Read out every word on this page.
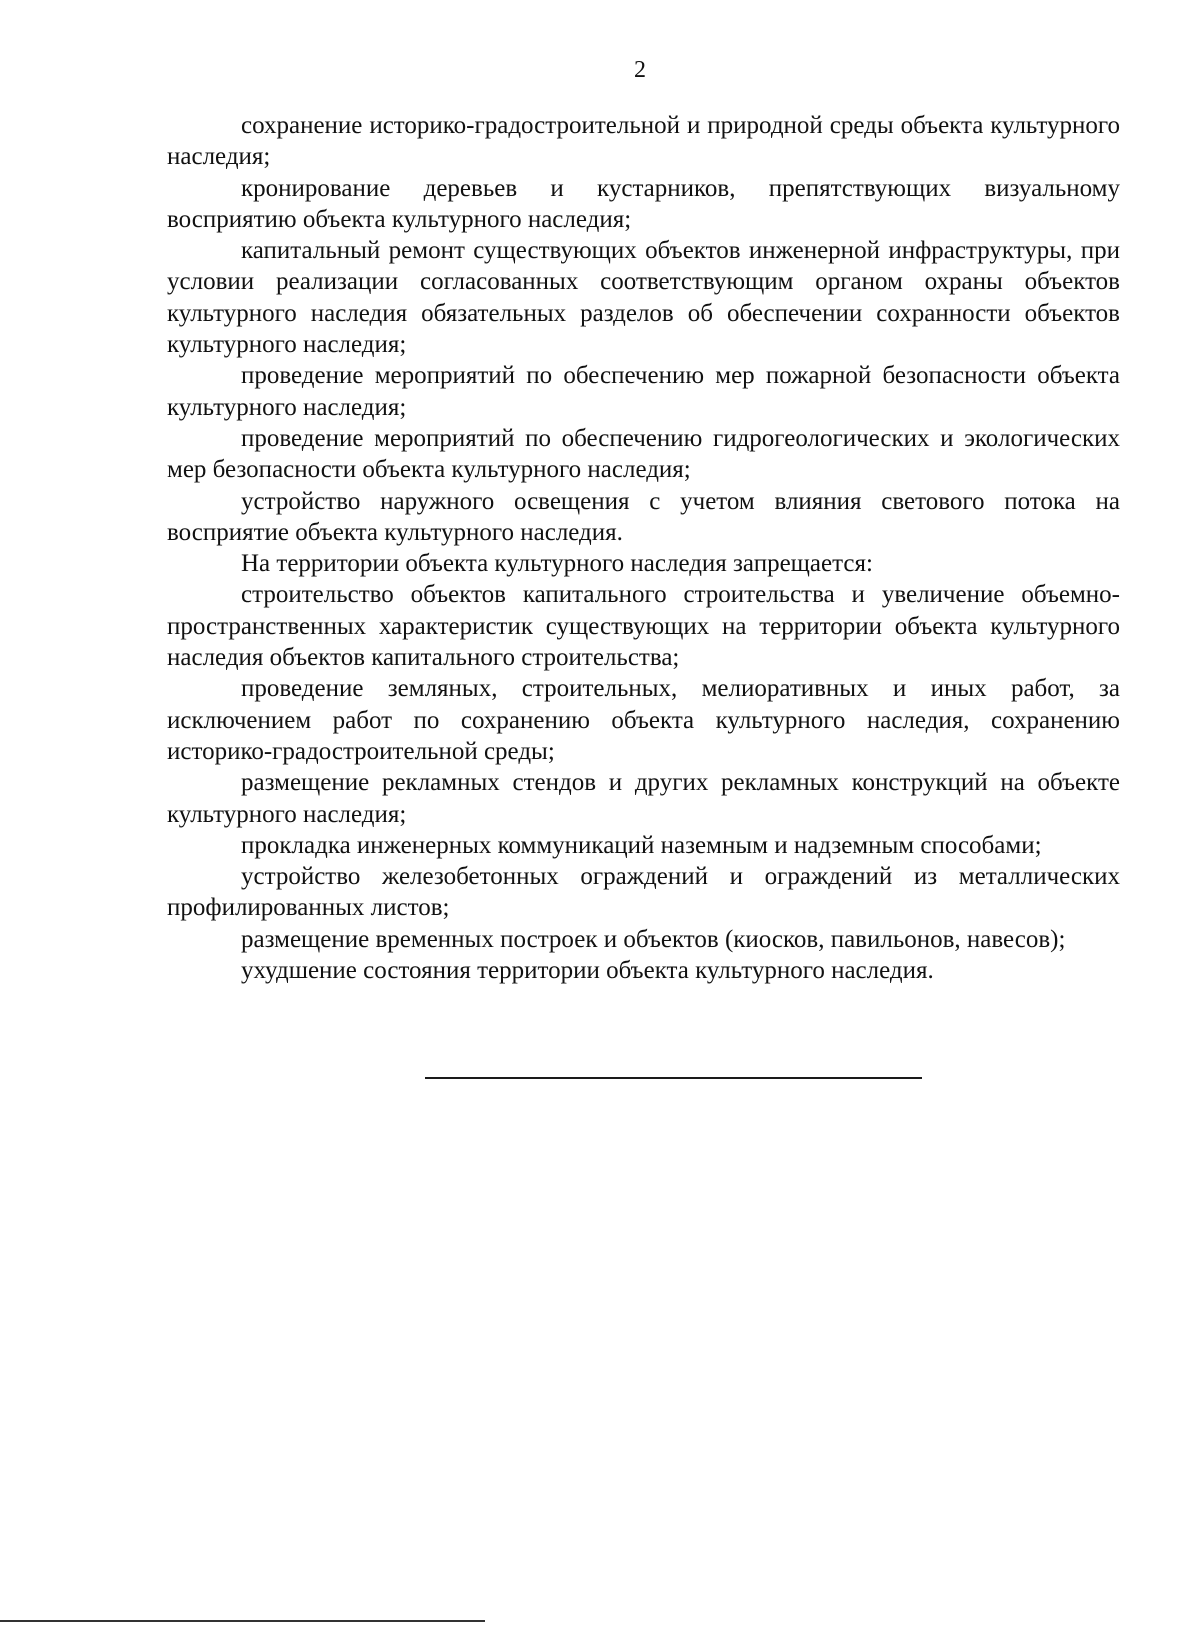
2

сохранение историко-градостроительной и природной среды объекта культурного наследия;

кронирование деревьев и кустарников, препятствующих визуальному восприятию объекта культурного наследия;

капитальный ремонт существующих объектов инженерной инфраструктуры, при условии реализации согласованных соответствующим органом охраны объектов культурного наследия обязательных разделов об обеспечении сохранности объектов культурного наследия;

проведение мероприятий по обеспечению мер пожарной безопасности объекта культурного наследия;

проведение мероприятий по обеспечению гидрогеологических и экологических мер безопасности объекта культурного наследия;

устройство наружного освещения с учетом влияния светового потока на восприятие объекта культурного наследия.

На территории объекта культурного наследия запрещается:

строительство объектов капитального строительства и увеличение объемно-пространственных характеристик существующих на территории объекта культурного наследия объектов капитального строительства;

проведение земляных, строительных, мелиоративных и иных работ, за исключением работ по сохранению объекта культурного наследия, сохранению историко-градостроительной среды;

размещение рекламных стендов и других рекламных конструкций на объекте культурного наследия;

прокладка инженерных коммуникаций наземным и надземным способами;

устройство железобетонных ограждений и ограждений из металлических профилированных листов;

размещение временных построек и объектов (киосков, павильонов, навесов);

ухудшение состояния территории объекта культурного наследия.
